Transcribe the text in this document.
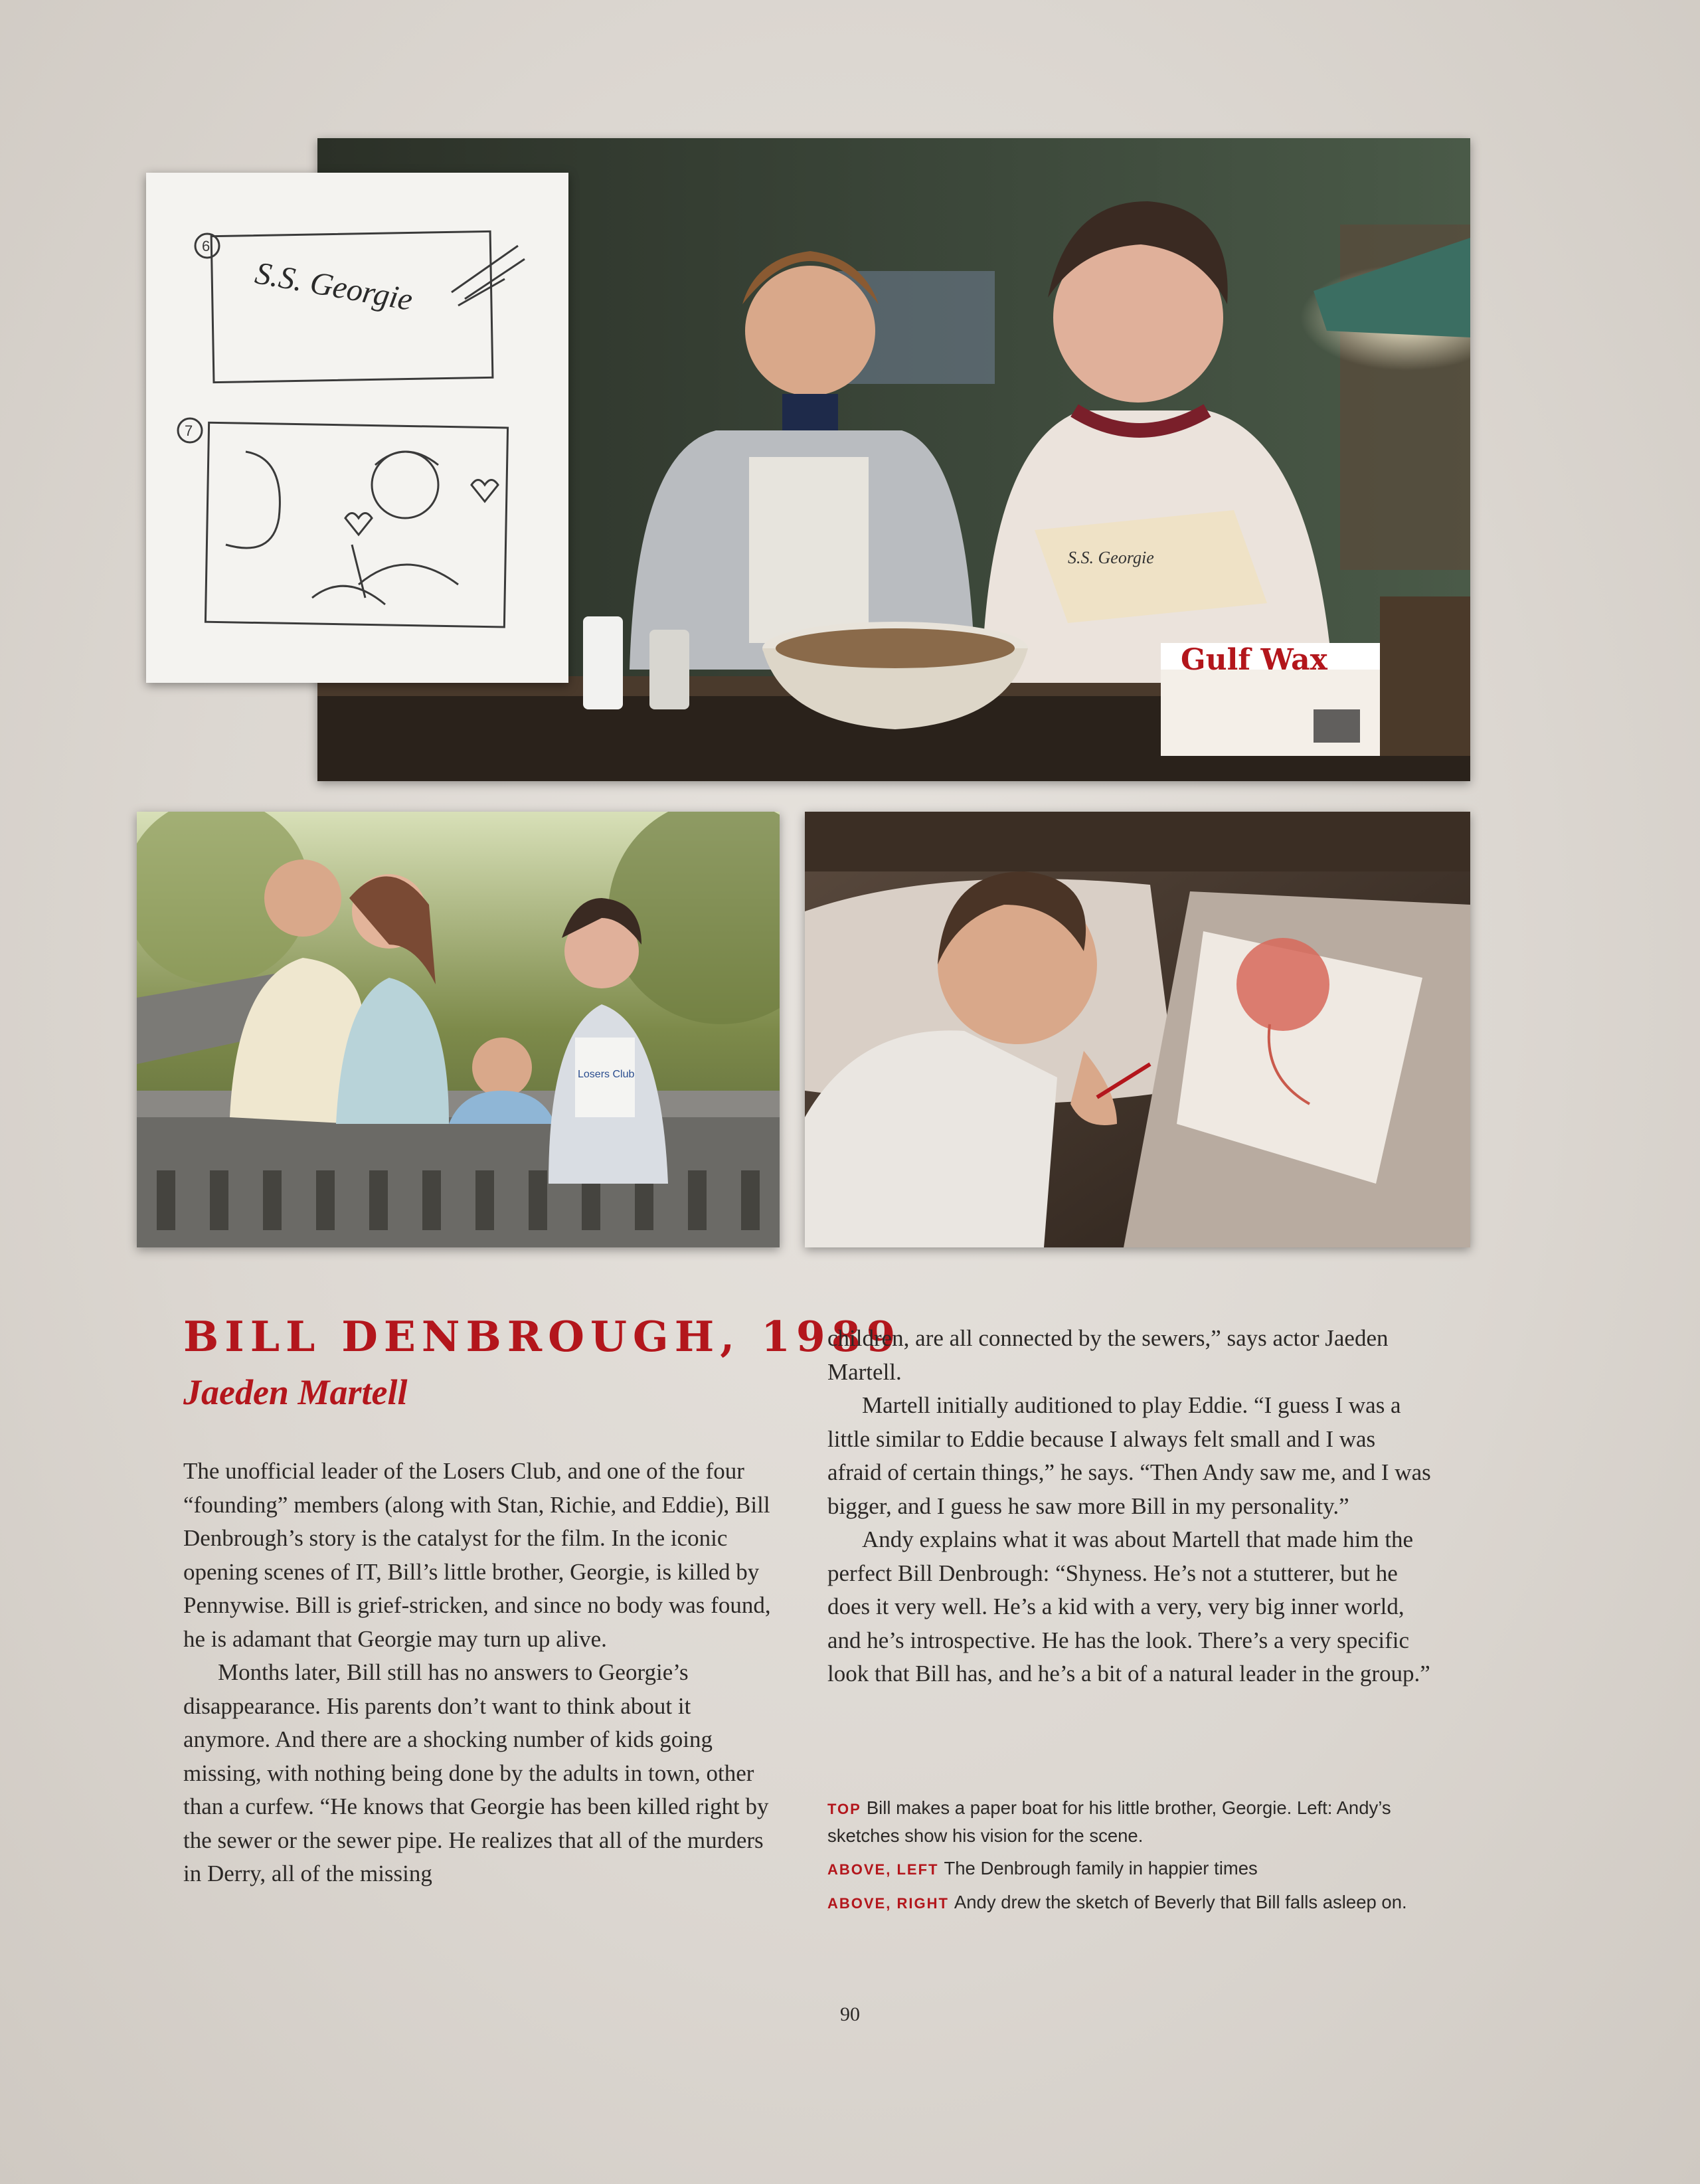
S.S. Georgie
Gulf Wax
6
7
S.S. Georgie
Losers Club
BILL DENBROUGH, 1989
Jaeden Martell

The unofficial leader of the Losers Club, and one of the four “founding” members (along with Stan, Richie, and Eddie), Bill Denbrough’s story is the catalyst for the film. In the iconic opening scenes of IT, Bill’s little brother, Georgie, is killed by Pennywise. Bill is grief-stricken, and since no body was found, he is adamant that Georgie may turn up alive.

Months later, Bill still has no answers to Georgie’s disappearance. His parents don’t want to think about it anymore. And there are a shocking number of kids going missing, with nothing being done by the adults in town, other than a curfew. “He knows that Georgie has been killed right by the sewer or the sewer pipe. He realizes that all of the murders in Derry, all of the missing

children, are all connected by the sewers,” says actor Jaeden Martell.

Martell initially auditioned to play Eddie. “I guess I was a little similar to Eddie because I always felt small and I was afraid of certain things,” he says. “Then Andy saw me, and I was bigger, and I guess he saw more Bill in my personality.”

Andy explains what it was about Martell that made him the perfect Bill Denbrough: “Shyness. He’s not a stutterer, but he does it very well. He’s a kid with a very, very big inner world, and he’s introspective. He has the look. There’s a very specific look that Bill has, and he’s a bit of a natural leader in the group.”

TOP Bill makes a paper boat for his little brother, Georgie. Left: Andy’s sketches show his vision for the scene.

ABOVE, LEFT The Denbrough family in happier times

ABOVE, RIGHT Andy drew the sketch of Beverly that Bill falls asleep on.

90
